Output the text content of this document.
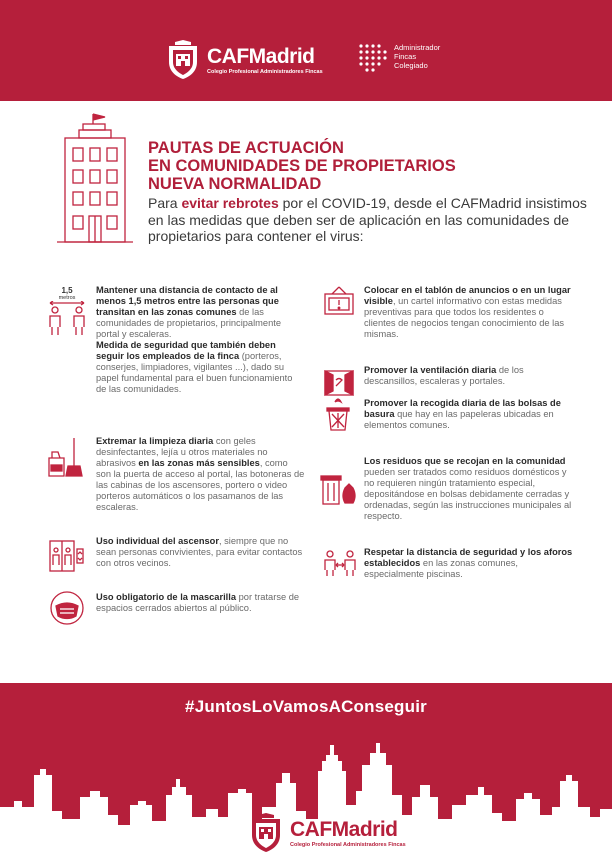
CAFMadrid
Colegio Profesional Administradores Fincas
Administrador
Fincas
Colegiado
PAUTAS DE ACTUACIÓN
EN COMUNIDADES DE PROPIETARIOS
NUEVA NORMALIDAD
Para evitar rebrotes por el COVID-19, desde el CAFMadrid insistimos en las medidas que deben ser de aplicación en las comunidades de propietarios para contener el virus:
1,5
metros
Mantener una distancia de contacto de al menos 1,5 metros entre las personas que transitan en las zonas comunes de las comunidades de propietarios, principalmente portal y escaleras.
Medida de seguridad que también deben seguir los empleados de la finca (porteros, conserjes, limpiadores, vigilantes ...), dado su papel fundamental para el buen funcionamiento de las comunidades.
Extremar la limpieza diaria con geles desinfectantes, lejía u otros materiales no abrasivos en las zonas más sensibles, como son la puerta de acceso al portal, las botoneras de las cabinas de los ascensores, portero o video porteros automáticos o los pasamanos de las escaleras.
Uso individual del ascensor, siempre que no sean personas convivientes, para evitar contactos con otros vecinos.
Uso obligatorio de la mascarilla por tratarse de espacios cerrados abiertos al público.
Colocar en el tablón de anuncios o en un lugar visible, un cartel informativo con estas medidas preventivas para que todos los residentes o clientes de negocios tengan conocimiento de las mismas.
Promover la ventilación diaria de los descansillos, escaleras y portales.
Promover la recogida diaria de las bolsas de basura que hay en las papeleras ubicadas en elementos comunes.
Los residuos que se recojan en la comunidad pueden ser tratados como residuos domésticos y no requieren ningún tratamiento especial, depositándose en bolsas debidamente cerradas y ordenadas, según las instrucciones municipales al respecto.
Respetar la distancia de seguridad y los aforos establecidos en las zonas comunes, especialmente piscinas.
#JuntosLoVamosAConseguir
CAFMadrid
Colegio Profesional Administradores Fincas
